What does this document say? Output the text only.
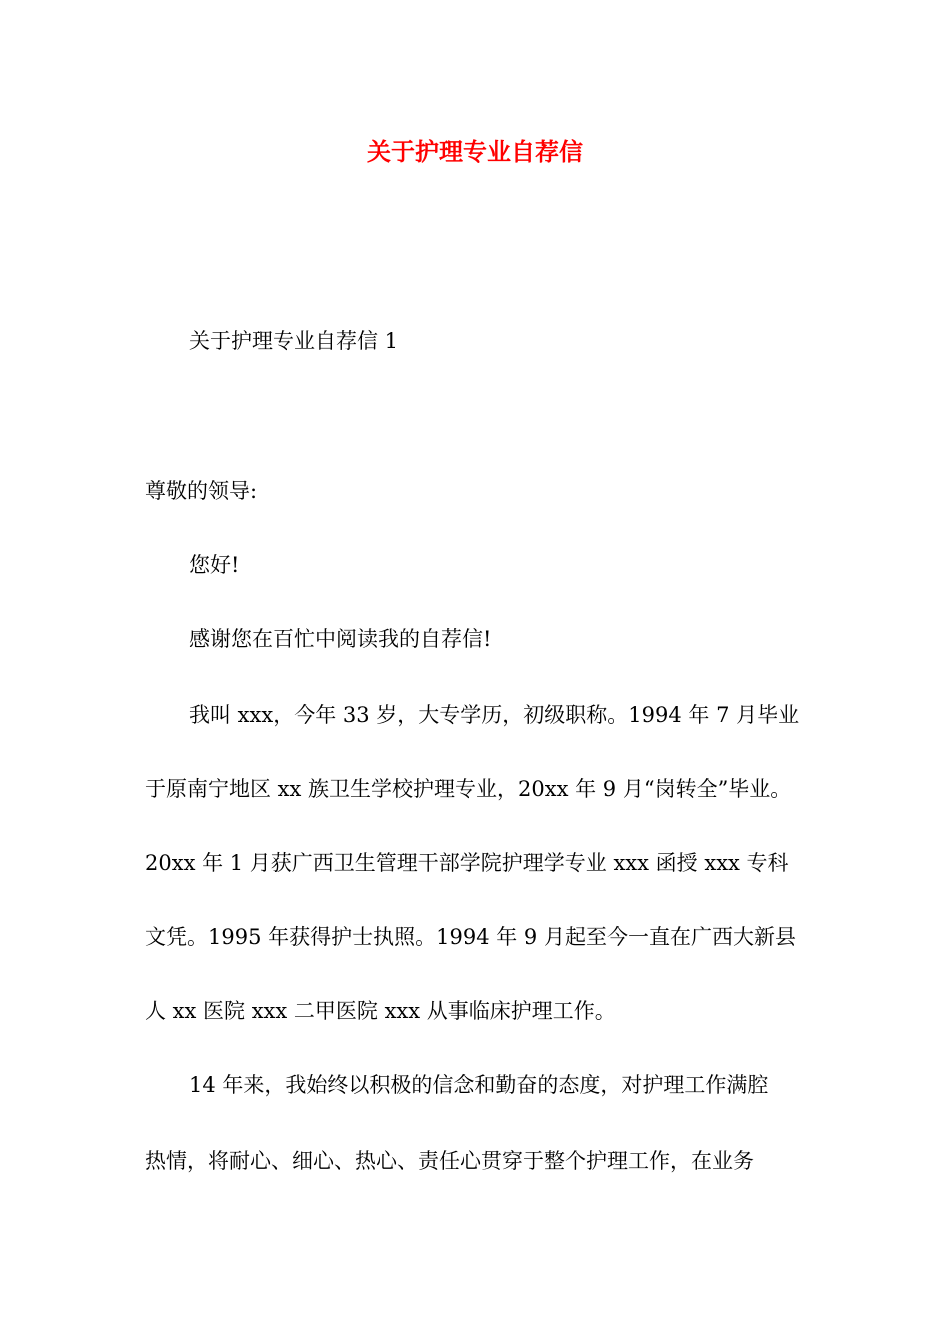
关于护理专业自荐信
关于护理专业自荐信 1
尊敬的领导:
您好!
感谢您在百忙中阅读我的自荐信!
我叫 xxx，今年 33 岁，大专学历，初级职称。1994 年 7 月毕业
于原南宁地区 xx 族卫生学校护理专业，20xx 年 9 月“岗转全”毕业。
20xx 年 1 月获广西卫生管理干部学院护理学专业 xxx 函授 xxx 专科
文凭。1995 年获得护士执照。1994 年 9 月起至今一直在广西大新县
人 xx 医院 xxx 二甲医院 xxx 从事临床护理工作。
14 年来，我始终以积极的信念和勤奋的态度，对护理工作满腔
热情，将耐心、细心、热心、责任心贯穿于整个护理工作，在业务
